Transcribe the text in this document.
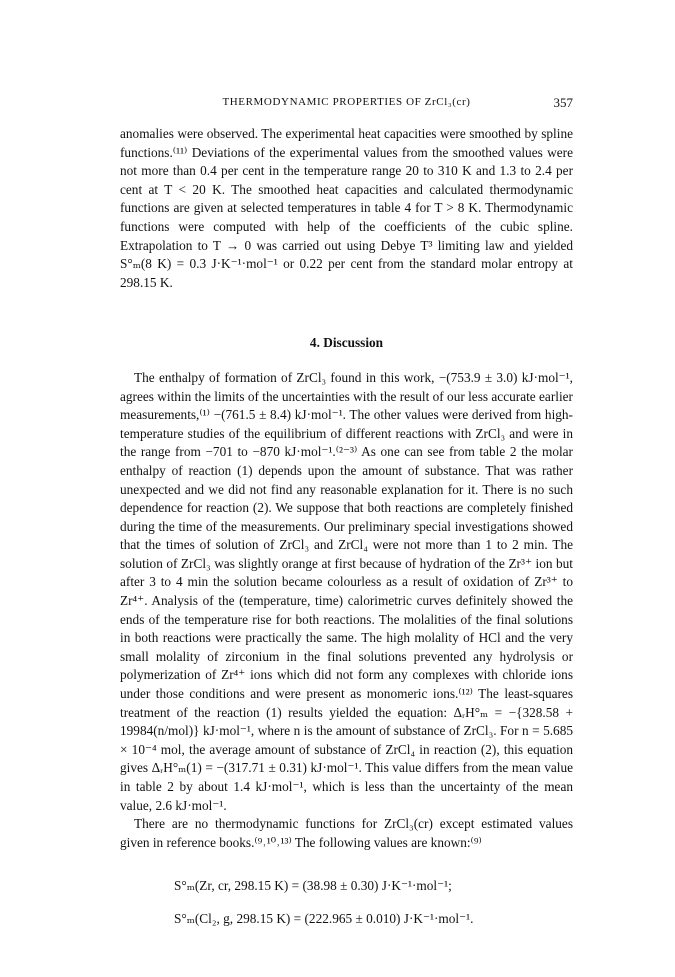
THERMODYNAMIC PROPERTIES OF ZrCl₃(cr)	357

anomalies were observed. The experimental heat capacities were smoothed by spline functions.⁽¹¹⁾ Deviations of the experimental values from the smoothed values were not more than 0.4 per cent in the temperature range 20 to 310 K and 1.3 to 2.4 per cent at T < 20 K. The smoothed heat capacities and calculated thermodynamic functions are given at selected temperatures in table 4 for T > 8 K. Thermodynamic functions were computed with help of the coefficients of the cubic spline. Extrapolation to T → 0 was carried out using Debye T³ limiting law and yielded S°ₘ(8 K) = 0.3 J·K⁻¹·mol⁻¹ or 0.22 per cent from the standard molar entropy at 298.15 K.

4. Discussion

The enthalpy of formation of ZrCl₃ found in this work, −(753.9 ± 3.0) kJ·mol⁻¹, agrees within the limits of the uncertainties with the result of our less accurate earlier measurements,⁽¹⁾ −(761.5 ± 8.4) kJ·mol⁻¹. The other values were derived from high-temperature studies of the equilibrium of different reactions with ZrCl₃ and were in the range from −701 to −870 kJ·mol⁻¹.⁽²⁻³⁾ As one can see from table 2 the molar enthalpy of reaction (1) depends upon the amount of substance. That was rather unexpected and we did not find any reasonable explanation for it. There is no such dependence for reaction (2). We suppose that both reactions are completely finished during the time of the measurements. Our preliminary special investigations showed that the times of solution of ZrCl₃ and ZrCl₄ were not more than 1 to 2 min. The solution of ZrCl₃ was slightly orange at first because of hydration of the Zr³⁺ ion but after 3 to 4 min the solution became colourless as a result of oxidation of Zr³⁺ to Zr⁴⁺. Analysis of the (temperature, time) calorimetric curves definitely showed the ends of the temperature rise for both reactions. The molalities of the final solutions in both reactions were practically the same. The high molality of HCl and the very small molality of zirconium in the final solutions prevented any hydrolysis or polymerization of Zr⁴⁺ ions which did not form any complexes with chloride ions under those conditions and were present as monomeric ions.⁽¹²⁾ The least-squares treatment of the reaction (1) results yielded the equation: ΔᵣH°ₘ = −{328.58 + 19984(n/mol)} kJ·mol⁻¹, where n is the amount of substance of ZrCl₃. For n = 5.685 × 10⁻⁴ mol, the average amount of substance of ZrCl₄ in reaction (2), this equation gives ΔᵣH°ₘ(1) = −(317.71 ± 0.31) kJ·mol⁻¹. This value differs from the mean value in table 2 by about 1.4 kJ·mol⁻¹, which is less than the uncertainty of the mean value, 2.6 kJ·mol⁻¹.

There are no thermodynamic functions for ZrCl₃(cr) except estimated values given in reference books.⁽⁹˒¹⁰˒¹³⁾ The following values are known:⁽⁹⁾

S°ₘ(Zr, cr, 298.15 K) = (38.98 ± 0.30) J·K⁻¹·mol⁻¹;

S°ₘ(Cl₂, g, 298.15 K) = (222.965 ± 0.010) J·K⁻¹·mol⁻¹.
